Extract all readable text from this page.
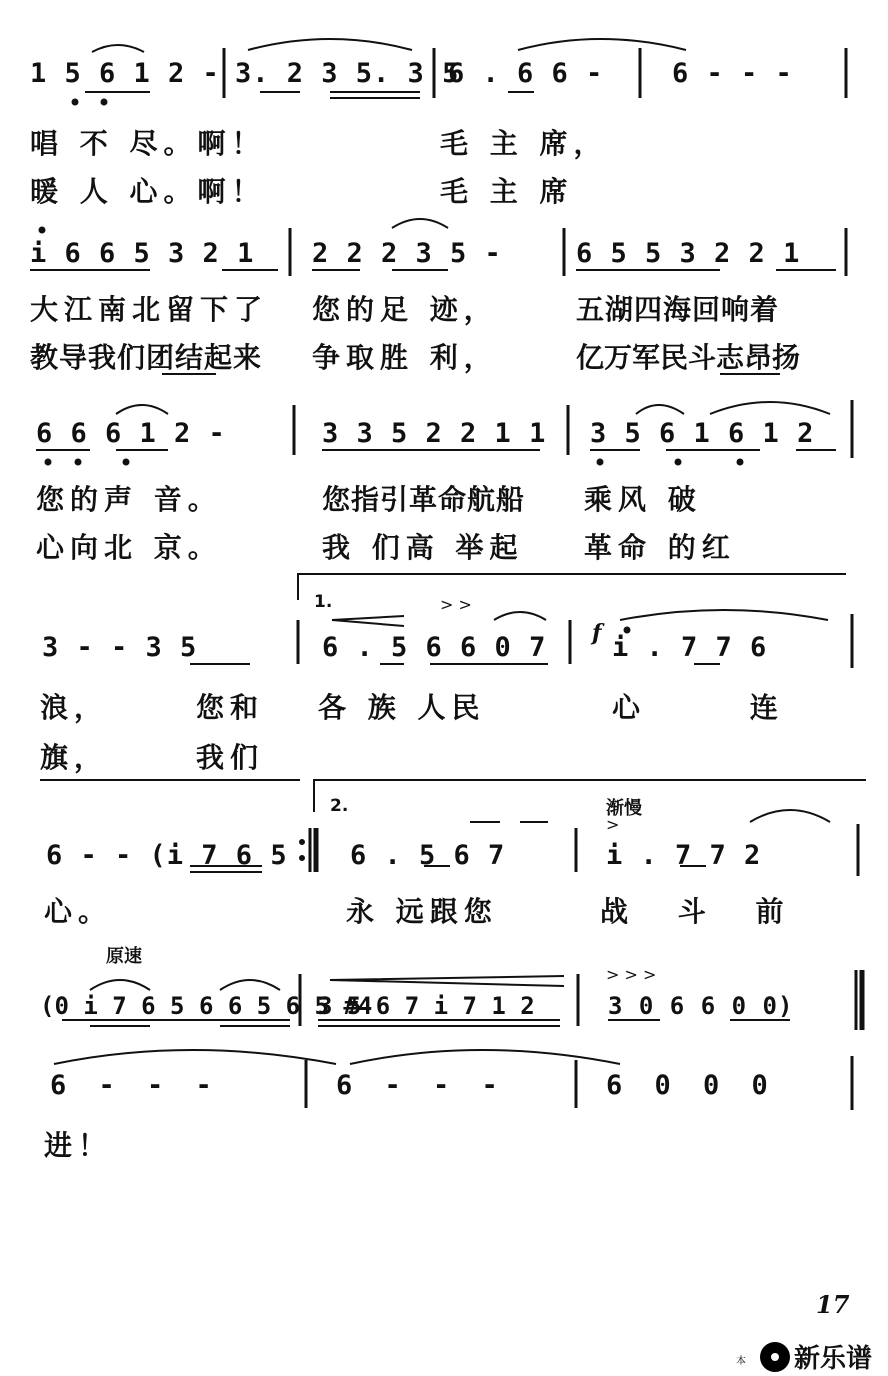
1 5 6 1 2 - 3. 2 3 5. 3 5
6 . 6 6 -	6 - - -
唱 不 尽。啊！	毛 主 席，
暖 人 心。啊！	毛 主 席
i 6 6 5 3 2 1 2 2 2 3 5 -	6 5 5 3 2 2 1
大江南北留下了 您的足 迹，	五湖四海回响着
教导我们团结起来 争取胜 利，	亿万军民斗志昂扬
6 6 6 1 2 -	3 3 5 2 2 1 1 3 5 6 1 6 1 2
您的声 音。	您指引革命航船 乘风 破
心向北 京。	我 们高 举起 革命 的红
1.
3 - - 3 5	6 . 5 6 6 0 7 f i . 7 7 6
浪，	您和 各 族 人民	心 连
旗，	我们
2.	渐慢
6 - - (i 7 6 5 6 . 5 6 7	i . 7 7 2
心。	永 远跟您	战 斗 前
原速
(0 i 7 6 5 6 6 5 6 5 #4
3 5 6 7 i 7 1 2	3 0 6 6 0 0)
6 - - -	6 - - -	6 0 0 0
进！
> >
>
> > >
17
本 新乐谱
